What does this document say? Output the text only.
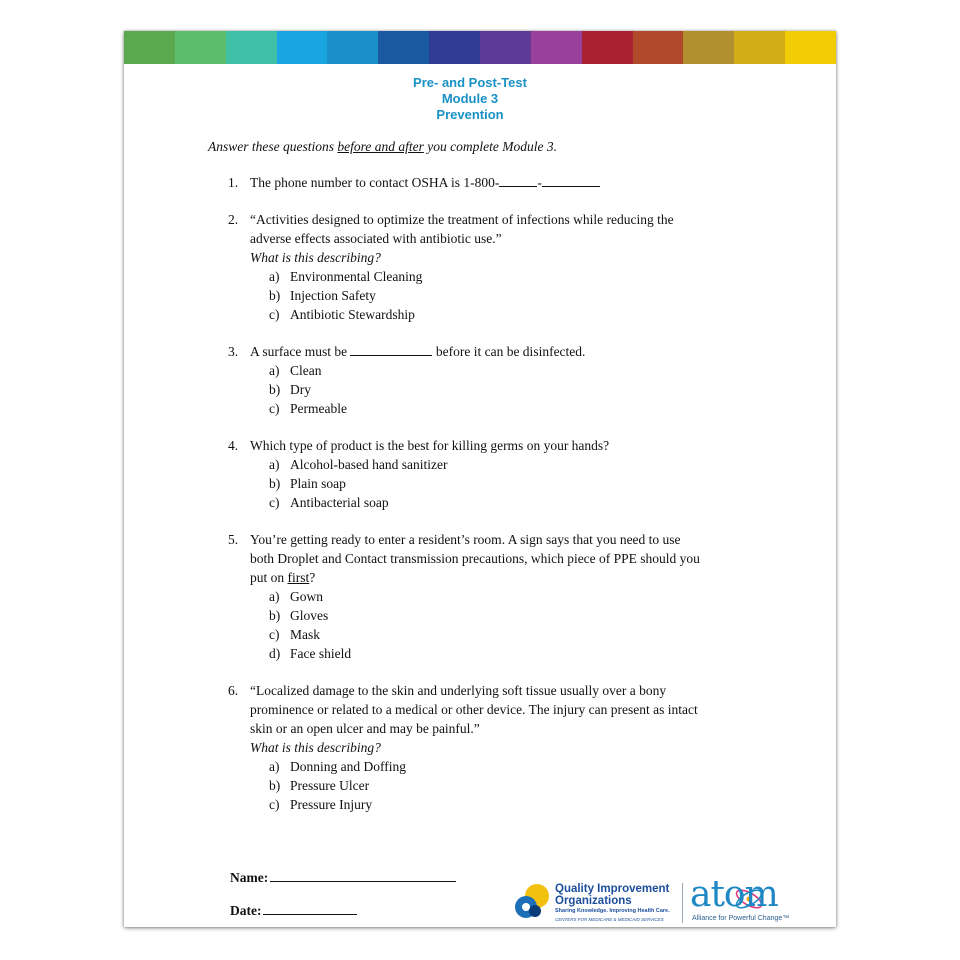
Pre- and Post-Test
Module 3
Prevention
Answer these questions before and after you complete Module 3.
1. The phone number to contact OSHA is 1-800-	-
2. “Activities designed to optimize the treatment of infections while reducing the
adverse effects associated with antibiotic use.”
What is this describing?
a) Environmental Cleaning
b) Injection Safety
c) Antibiotic Stewardship
3. A surface must be	before it can be disinfected.
a) Clean
b) Dry
c) Permeable
4. Which type of product is the best for killing germs on your hands?
a) Alcohol-based hand sanitizer
b) Plain soap
c) Antibacterial soap
5. You’re getting ready to enter a resident’s room. A sign says that you need to use
both Droplet and Contact transmission precautions, which piece of PPE should you
put on first?
a) Gown
b) Gloves
c) Mask
d) Face shield
6. “Localized damage to the skin and underlying soft tissue usually over a bony
prominence or related to a medical or other device. The injury can present as intact
skin or an open ulcer and may be painful.”
What is this describing?
a) Donning and Doffing
b) Pressure Ulcer
c) Pressure Injury
Name:
Date:
Quality Improvement
Organizations
Sharing Knowledge. Improving Health Care.
CENTERS FOR MEDICARE & MEDICAID SERVICES
atom
Alliance for Powerful Change™
